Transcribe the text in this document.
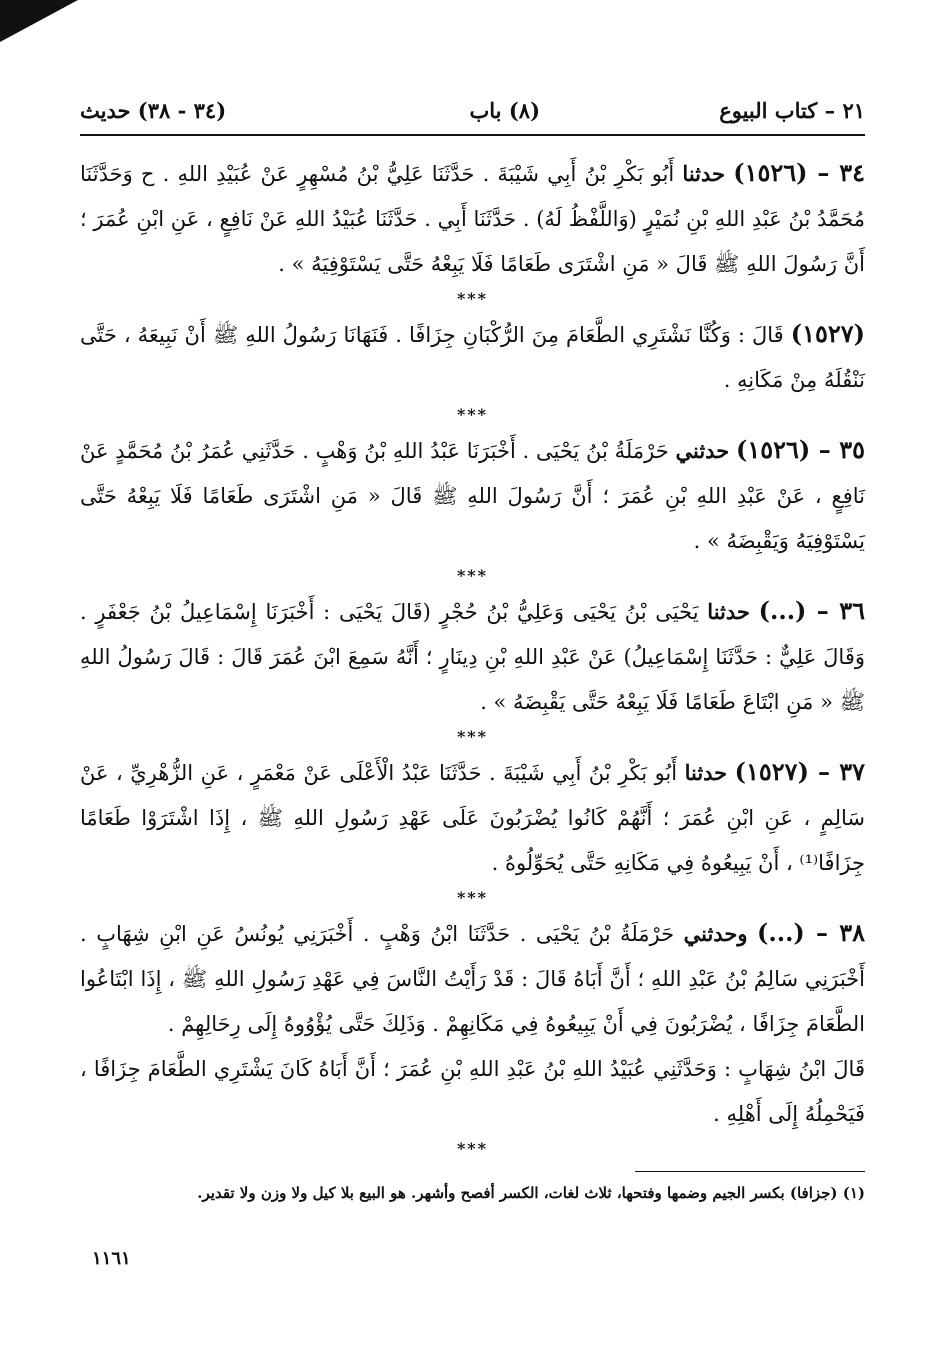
٢١ – كتاب البيوع
(٨) باب
(٣٤ - ٣٨) حديث

٣٤ – (١٥٢٦) حدثنا أَبُو بَكْرِ بْنُ أَبِي شَيْبَةَ . حَدَّثَنَا عَلِيُّ بْنُ مُسْهِرٍ عَنْ عُبَيْدِ اللهِ . ح وَحَدَّثَنَا مُحَمَّدُ بْنُ عَبْدِ اللهِ بْنِ نُمَيْرٍ (وَاللَّفْظُ لَهُ) . حَدَّثَنَا أَبِي . حَدَّثَنَا عُبَيْدُ اللهِ عَنْ نَافِعٍ ، عَنِ ابْنِ عُمَرَ ؛ أَنَّ رَسُولَ اللهِ ﷺ قَالَ « مَنِ اشْتَرَى طَعَامًا فَلَا يَبِعْهُ حَتَّى يَسْتَوْفِيَهُ » .

***

(١٥٢٧) قَالَ : وَكُنَّا نَشْتَرِي الطَّعَامَ مِنَ الرُّكْبَانِ جِزَافًا . فَنَهَانَا رَسُولُ اللهِ ﷺ أَنْ نَبِيعَهُ ، حَتَّى نَنْقُلَهُ مِنْ مَكَانِهِ .

***

٣٥ – (١٥٢٦) حدثني حَرْمَلَةُ بْنُ يَحْيَى . أَخْبَرَنَا عَبْدُ اللهِ بْنُ وَهْبٍ . حَدَّثَنِي عُمَرُ بْنُ مُحَمَّدٍ عَنْ نَافِعٍ ، عَنْ عَبْدِ اللهِ بْنِ عُمَرَ ؛ أَنَّ رَسُولَ اللهِ ﷺ قَالَ « مَنِ اشْتَرَى طَعَامًا فَلَا يَبِعْهُ حَتَّى يَسْتَوْفِيَهُ وَيَقْبِضَهُ » .

***

٣٦ – (...) حدثنا يَحْيَى بْنُ يَحْيَى وَعَلِيُّ بْنُ حُجْرٍ (قَالَ يَحْيَى : أَخْبَرَنَا إِسْمَاعِيلُ بْنُ جَعْفَرٍ . وَقَالَ عَلِيٌّ : حَدَّثَنَا إِسْمَاعِيلُ) عَنْ عَبْدِ اللهِ بْنِ دِينَارٍ ؛ أَنَّهُ سَمِعَ ابْنَ عُمَرَ قَالَ : قَالَ رَسُولُ اللهِ ﷺ « مَنِ ابْتَاعَ طَعَامًا فَلَا يَبِعْهُ حَتَّى يَقْبِضَهُ » .

***

٣٧ – (١٥٢٧) حدثنا أَبُو بَكْرِ بْنُ أَبِي شَيْبَةَ . حَدَّثَنَا عَبْدُ الْأَعْلَى عَنْ مَعْمَرٍ ، عَنِ الزُّهْرِيِّ ، عَنْ سَالِمٍ ، عَنِ ابْنِ عُمَرَ ؛ أَنَّهُمْ كَانُوا يُضْرَبُونَ عَلَى عَهْدِ رَسُولِ اللهِ ﷺ ، إِذَا اشْتَرَوْا طَعَامًا جِزَافًا⁽¹⁾ ، أَنْ يَبِيعُوهُ فِي مَكَانِهِ حَتَّى يُحَوِّلُوهُ .

***

٣٨ – (...) وحدثني حَرْمَلَةُ بْنُ يَحْيَى . حَدَّثَنَا ابْنُ وَهْبٍ . أَخْبَرَنِي يُونُسُ عَنِ ابْنِ شِهَابٍ . أَخْبَرَنِي سَالِمُ بْنُ عَبْدِ اللهِ ؛ أَنَّ أَبَاهُ قَالَ : قَدْ رَأَيْتُ النَّاسَ فِي عَهْدِ رَسُولِ اللهِ ﷺ ، إِذَا ابْتَاعُوا الطَّعَامَ جِزَافًا ، يُضْرَبُونَ فِي أَنْ يَبِيعُوهُ فِي مَكَانِهِمْ . وَذَلِكَ حَتَّى يُؤْوُوهُ إِلَى رِحَالِهِمْ .

قَالَ ابْنُ شِهَابٍ : وَحَدَّثَنِي عُبَيْدُ اللهِ بْنُ عَبْدِ اللهِ بْنِ عُمَرَ ؛ أَنَّ أَبَاهُ كَانَ يَشْتَرِي الطَّعَامَ جِزَافًا ، فَيَحْمِلُهُ إِلَى أَهْلِهِ .

***

(١) (جزافا) بكسر الجيم وضمها وفتحها، ثلاث لغات، الكسر أفصح وأشهر. هو البيع بلا كيل ولا وزن ولا تقدير.

١١٦١
